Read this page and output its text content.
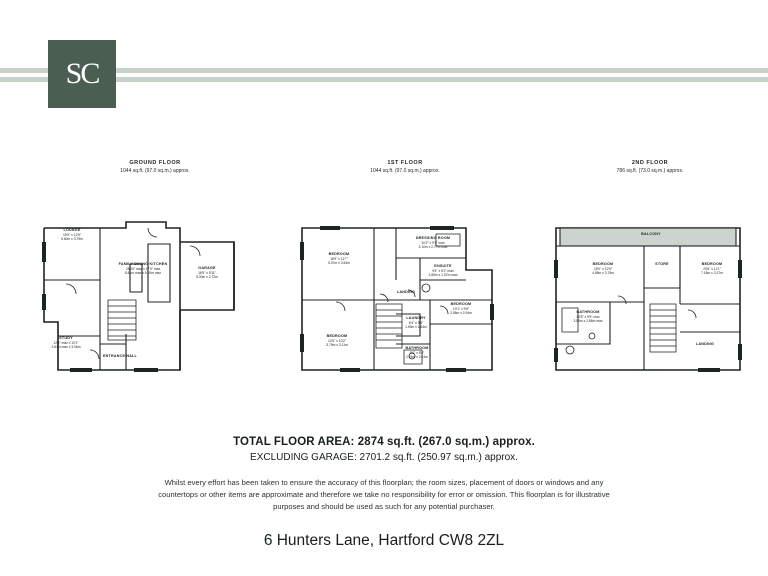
SC
GROUND FLOOR
1044 sq.ft. (97.0 sq.m.) approx.
LOUNGE
18'5" x 12'5"
5.60m x 3.79m
FAMILY DINING KITCHEN
28'10" max x 17'0" max
8.81m max x 5.19m max
GARAGE
16'5" x 8'11"
5.00m x 2.72m
STUDY
12'5" max x 10'1"
3.81m max x 3.08m
ENTRANCE HALL
1ST FLOOR
1044 sq.ft. (97.0 sq.m.) approx.
DRESSING ROOM
10'2" x 9'1" max
3.10m x 2.77m max
BEDROOM
16'9" x 11'7"
5.07m x 3.54m
ENSUITE
9'4" x 5'2" max
2.85m x 1.57m max
BEDROOM
10'1" x 9'8"
3.08m x 2.94m
LANDING
LAUNDRY
6'4" x 5'5"
1.93m x 1.64m
BEDROOM
12'5" x 10'2"
3.79m x 3.11m
BATHROOM
9'0" x 8'6"
2.74m x 2.61m
2ND FLOOR
786 sq.ft. (73.0 sq.m.) approx.
BALCONY
STORE
BEDROOM
15'0" x 12'5"
4.58m x 3.78m
BEDROOM
23'6" x 11'1"
7.16m x 3.37m
BATHROOM
12'8" x 9'5" max
3.86m x 2.88m max
LANDING
TOTAL FLOOR AREA: 2874 sq.ft. (267.0 sq.m.) approx.
EXCLUDING GARAGE: 2701.2 sq.ft. (250.97 sq.m.) approx.
Whilst every effort has been taken to ensure the accuracy of this floorplan; the room sizes, placement of doors or windows and any countertops or other items are approximate and therefore we take no responsibility for error or omission. This floorplan is for illustrative purposes and should be used as such for any potential purchaser.
6 Hunters Lane, Hartford CW8 2ZL
